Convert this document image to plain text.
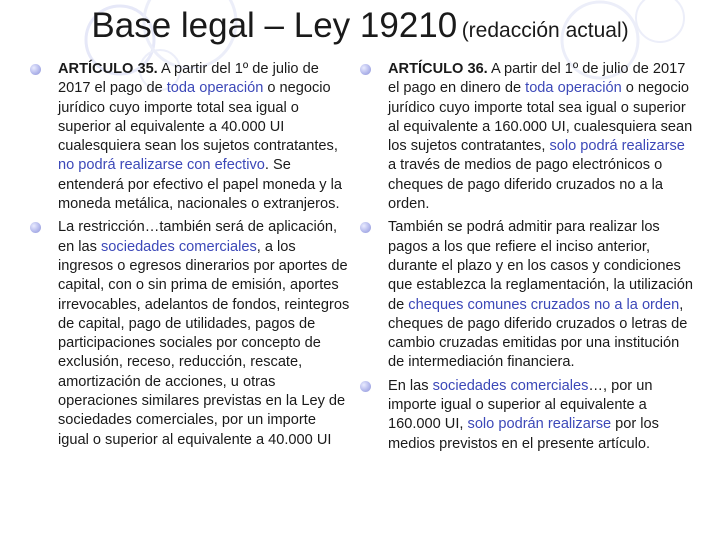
Base legal – Ley 19210 (redacción actual)
ARTÍCULO 35. A partir del 1º de julio de 2017 el pago de toda operación o negocio jurídico cuyo importe total sea igual o superior al equivalente a 40.000 UI cualesquiera sean los sujetos contratantes, no podrá realizarse con efectivo. Se entenderá por efectivo el papel moneda y la moneda metálica, nacionales o extranjeros.
La restricción…también será de aplicación, en las sociedades comerciales, a los ingresos o egresos dinerarios por aportes de capital, con o sin prima de emisión, aportes irrevocables, adelantos de fondos, reintegros de capital, pago de utilidades, pagos de participaciones sociales por concepto de exclusión, receso, reducción, rescate, amortización de acciones, u otras operaciones similares previstas en la Ley de sociedades comerciales, por un importe igual o superior al equivalente a 40.000 UI
ARTÍCULO 36. A partir del 1º de julio de 2017 el pago en dinero de toda operación o negocio jurídico cuyo importe total sea igual o superior al equivalente a 160.000 UI, cualesquiera sean los sujetos contratantes, solo podrá realizarse a través de medios de pago electrónicos o cheques de pago diferido cruzados no a la orden.
También se podrá admitir para realizar los pagos a los que refiere el inciso anterior, durante el plazo y en los casos y condiciones que establezca la reglamentación, la utilización de cheques comunes cruzados no a la orden, cheques de pago diferido cruzados o letras de cambio cruzadas emitidas por una institución de intermediación financiera.
En las sociedades comerciales…, por un importe igual o superior al equivalente a 160.000 UI, solo podrán realizarse por los medios previstos en el presente artículo.
